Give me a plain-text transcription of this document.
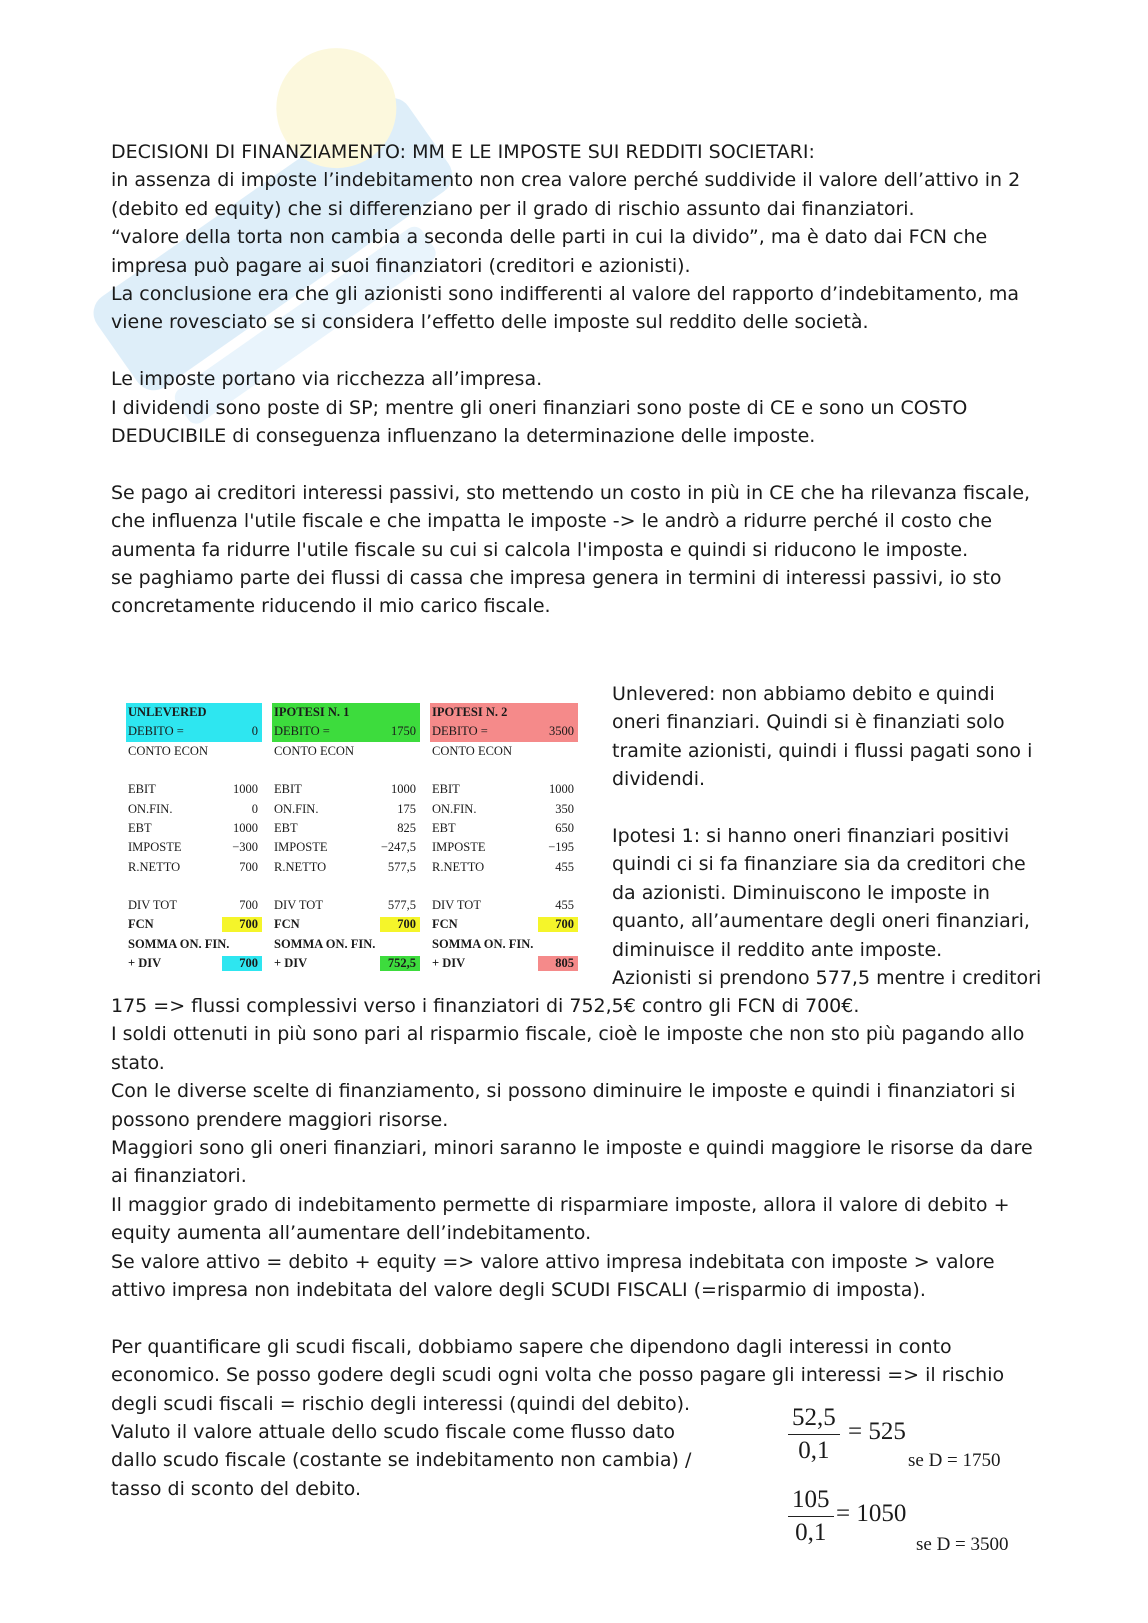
DECISIONI DI FINANZIAMENTO: MM E LE IMPOSTE SUI REDDITI SOCIETARI:

in assenza di imposte l’indebitamento non crea valore perché suddivide il valore dell’attivo in 2 (debito ed equity) che si differenziano per il grado di rischio assunto dai finanziatori.

“valore della torta non cambia a seconda delle parti in cui la divido”, ma è dato dai FCN che impresa può pagare ai suoi finanziatori (creditori e azionisti).

La conclusione era che gli azionisti sono indifferenti al valore del rapporto d’indebitamento, ma viene rovesciato se si considera l’effetto delle imposte sul reddito delle società.

Le imposte portano via ricchezza all’impresa.

I dividendi sono poste di SP; mentre gli oneri finanziari sono poste di CE e sono un COSTO DEDUCIBILE di conseguenza influenzano la determinazione delle imposte.

Se pago ai creditori interessi passivi, sto mettendo un costo in più in CE che ha rilevanza fiscale, che influenza l'utile fiscale e che impatta le imposte -> le andrò a ridurre perché il costo che aumenta fa ridurre l'utile fiscale su cui si calcola l'imposta e quindi si riducono le imposte.

se paghiamo parte dei flussi di cassa che impresa genera in termini di interessi passivi, io sto concretamente riducendo il mio carico fiscale.

UNLEVERED
DEBITO =	0
CONTO ECON
EBIT	1000
ON.FIN.	0
EBT	1000
IMPOSTE	−300
R.NETTO	700
DIV TOT	700
FCN	700
SOMMA ON. FIN.
+ DIV	700
IPOTESI N. 1
DEBITO =	1750
CONTO ECON
EBIT	1000
ON.FIN.	175
EBT	825
IMPOSTE	−247,5
R.NETTO	577,5
DIV TOT	577,5
FCN	700
SOMMA ON. FIN.
+ DIV	752,5
IPOTESI N. 2
DEBITO =	3500
CONTO ECON
EBIT	1000
ON.FIN.	350
EBT	650
IMPOSTE	−195
R.NETTO	455
DIV TOT	455
FCN	700
SOMMA ON. FIN.
+ DIV	805

Unlevered: non abbiamo debito e quindi oneri finanziari. Quindi si è finanziati solo tramite azionisti, quindi i flussi pagati sono i dividendi.

Ipotesi 1: si hanno oneri finanziari positivi quindi ci si fa finanziare sia da creditori che da azionisti. Diminuiscono le imposte in quanto, all’aumentare degli oneri finanziari, diminuisce il reddito ante imposte.

Azionisti si prendono 577,5 mentre i creditori

175 => flussi complessivi verso i finanziatori di 752,5€ contro gli FCN di 700€.

I soldi ottenuti in più sono pari al risparmio fiscale, cioè le imposte che non sto più pagando allo stato.

Con le diverse scelte di finanziamento, si possono diminuire le imposte e quindi i finanziatori si possono prendere maggiori risorse.

Maggiori sono gli oneri finanziari, minori saranno le imposte e quindi maggiore le risorse da dare ai finanziatori.

Il maggior grado di indebitamento permette di risparmiare imposte, allora il valore di debito + equity aumenta all’aumentare dell’indebitamento.

Se valore attivo = debito + equity => valore attivo impresa indebitata con imposte > valore attivo impresa non indebitata del valore degli SCUDI FISCALI (=risparmio di imposta).

Per quantificare gli scudi fiscali, dobbiamo sapere che dipendono dagli interessi in conto economico. Se posso godere degli scudi ogni volta che posso pagare gli interessi => il rischio degli scudi fiscali = rischio degli interessi (quindi del debito).

Valuto il valore attuale dello scudo fiscale come flusso dato dallo scudo fiscale (costante se indebitamento non cambia) / tasso di sconto del debito.

$\frac{52,5}{0,1} = 525$
se D = 1750
$\frac{105}{0,1} = 1050$
se D = 3500
